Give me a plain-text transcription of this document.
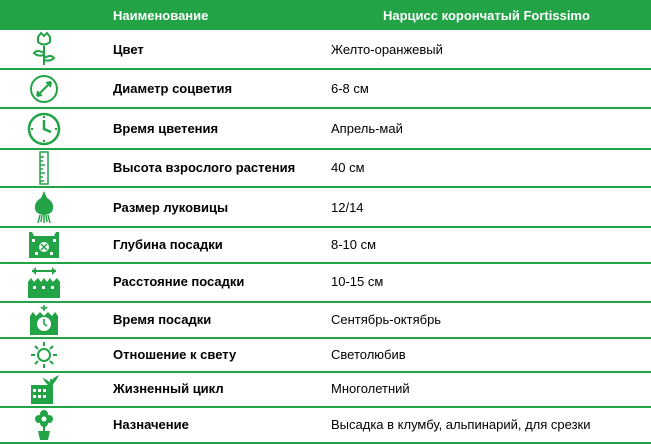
Наименование	Нарцисс корончатый Fortissimo
Цвет	Желто-оранжевый
Диаметр соцветия	6-8 см
Время цветения	Апрель-май
Высота взрослого растения	40 см
Размер луковицы	12/14
Глубина посадки	8-10 см
Расстояние посадки	10-15 см
Время посадки	Сентябрь-октябрь
Отношение к свету	Светолюбив
Жизненный цикл	Многолетний
Назначение	Высадка в клумбу, альпинарий, для срезки
